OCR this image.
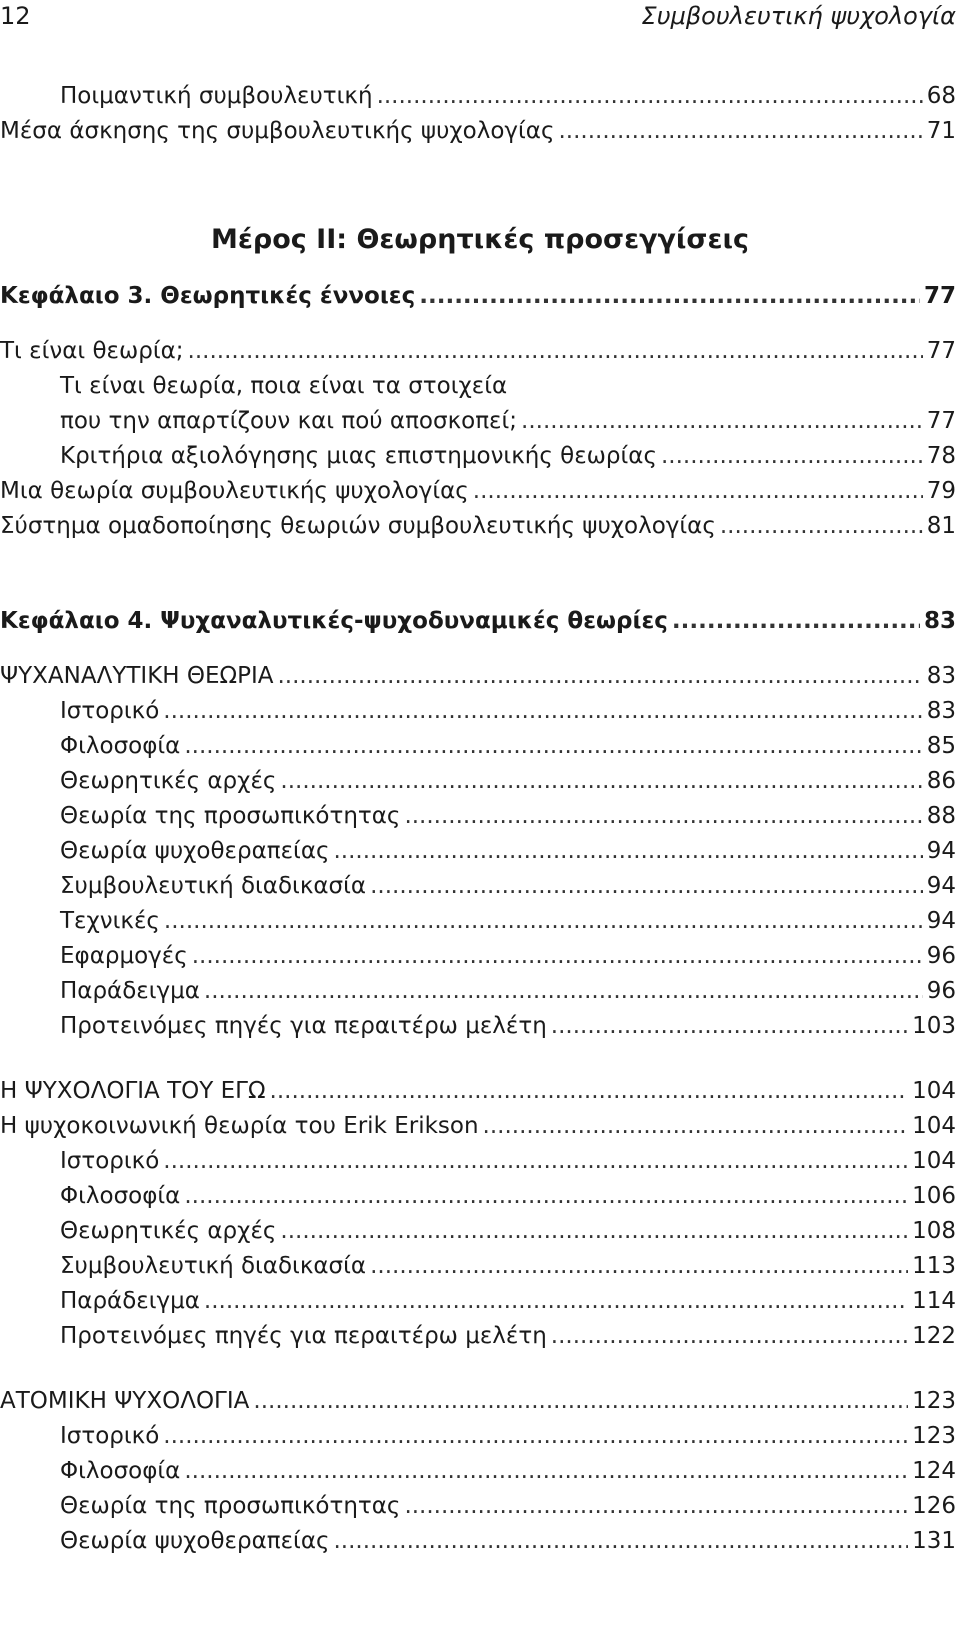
12	Συμβουλευτική ψυχολογία
Ποιμαντική συμβουλευτική .....	68
Μέσα άσκησης της συμβουλευτικής ψυχολογίας .....	71
Μέρος ΙΙ: Θεωρητικές προσεγγίσεις
Κεφάλαιο 3. Θεωρητικές έννοιες .....	77
Τι είναι θεωρία; .....	77
Τι είναι θεωρία, ποια είναι τα στοιχεία
που την απαρτίζουν και πού αποσκοπεί; .....	77
Κριτήρια αξιολόγησης μιας επιστημονικής θεωρίας .....	78
Μια θεωρία συμβουλευτικής ψυχολογίας .....	79
Σύστημα ομαδοποίησης θεωριών συμβουλευτικής ψυχολογίας .....	81
Κεφάλαιο 4. Ψυχαναλυτικές-ψυχοδυναμικές θεωρίες .....	83
ΨΥΧΑΝΑΛΥΤΙΚΗ ΘΕΩΡΙΑ .....	83
Ιστορικό .....	83
Φιλοσοφία .....	85
Θεωρητικές αρχές .....	86
Θεωρία της προσωπικότητας .....	88
Θεωρία ψυχοθεραπείας .....	94
Συμβουλευτική διαδικασία .....	94
Τεχνικές .....	94
Εφαρμογές .....	96
Παράδειγμα .....	96
Προτεινόμες πηγές για περαιτέρω μελέτη .....	103
Η ΨΥΧΟΛΟΓΙΑ ΤΟΥ ΕΓΩ .....	104
Η ψυχοκοινωνική θεωρία του Erik Erikson .....	104
Ιστορικό .....	104
Φιλοσοφία .....	106
Θεωρητικές αρχές .....	108
Συμβουλευτική διαδικασία .....	113
Παράδειγμα .....	114
Προτεινόμες πηγές για περαιτέρω μελέτη .....	122
ΑΤΟΜΙΚΗ ΨΥΧΟΛΟΓΙΑ .....	123
Ιστορικό .....	123
Φιλοσοφία .....	124
Θεωρία της προσωπικότητας .....	126
Θεωρία ψυχοθεραπείας .....	131
